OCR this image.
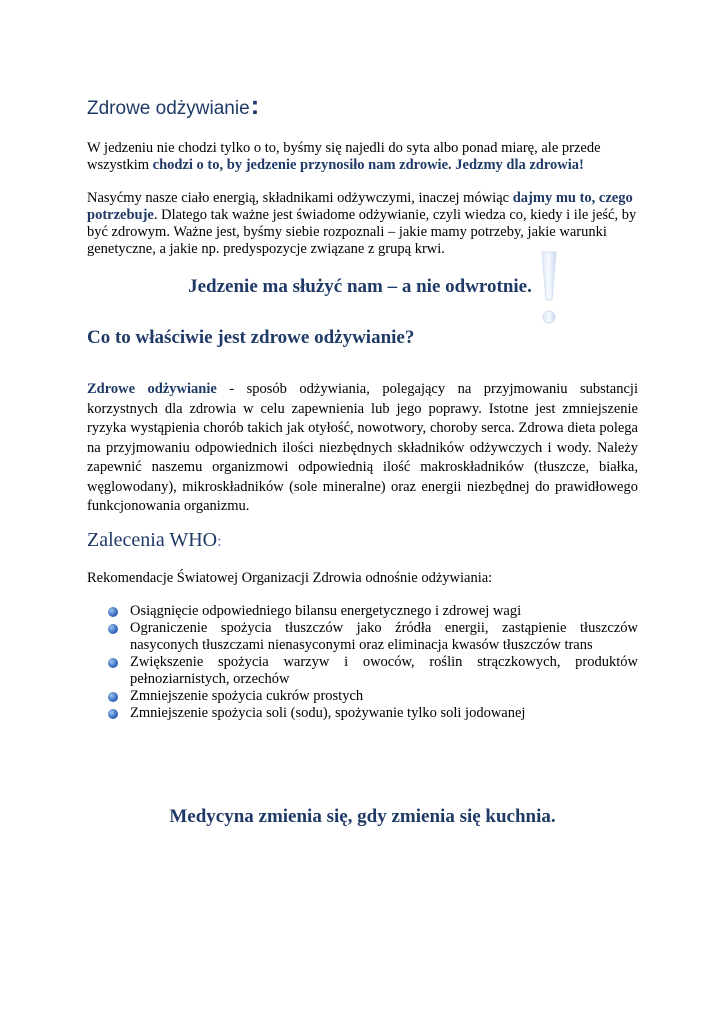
Zdrowe odżywianie:
W jedzeniu nie chodzi tylko o to, byśmy się najedli do syta albo ponad miarę, ale przede wszystkim chodzi o to, by jedzenie przynosiło nam zdrowie. Jedzmy dla zdrowia!
Nasyćmy nasze ciało energią, składnikami odżywczymi, inaczej mówiąc dajmy mu to, czego potrzebuje. Dlatego tak ważne jest świadome odżywianie, czyli wiedza co, kiedy i ile jeść, by być zdrowym. Ważne jest, byśmy siebie rozpoznali – jakie mamy potrzeby, jakie warunki genetyczne, a jakie np. predyspozycje związane z grupą krwi.
Jedzenie ma służyć nam – a nie odwrotnie.
Co to właściwie jest zdrowe odżywianie?
Zdrowe odżywianie - sposób odżywiania, polegający na przyjmowaniu substancji korzystnych dla zdrowia w celu zapewnienia lub jego poprawy. Istotne jest zmniejszenie ryzyka wystąpienia chorób takich jak otyłość, nowotwory, choroby serca. Zdrowa dieta polega na przyjmowaniu odpowiednich ilości niezbędnych składników odżywczych i wody. Należy zapewnić naszemu organizmowi odpowiednią ilość makroskładników (tłuszcze, białka, węglowodany), mikroskładników (sole mineralne) oraz energii niezbędnej do prawidłowego funkcjonowania organizmu.
Zalecenia WHO:
Rekomendacje Światowej Organizacji Zdrowia odnośnie odżywiania:
Osiągnięcie odpowiedniego bilansu energetycznego i zdrowej wagi
Ograniczenie spożycia tłuszczów jako źródła energii, zastąpienie tłuszczów nasyconych tłuszczami nienasyconymi oraz eliminacja kwasów tłuszczów trans
Zwiększenie spożycia warzyw i owoców, roślin strączkowych, produktów pełnoziarnistych, orzechów
Zmniejszenie spożycia cukrów prostych
Zmniejszenie spożycia soli (sodu), spożywanie tylko soli jodowanej
Medycyna zmienia się, gdy zmienia się kuchnia.
